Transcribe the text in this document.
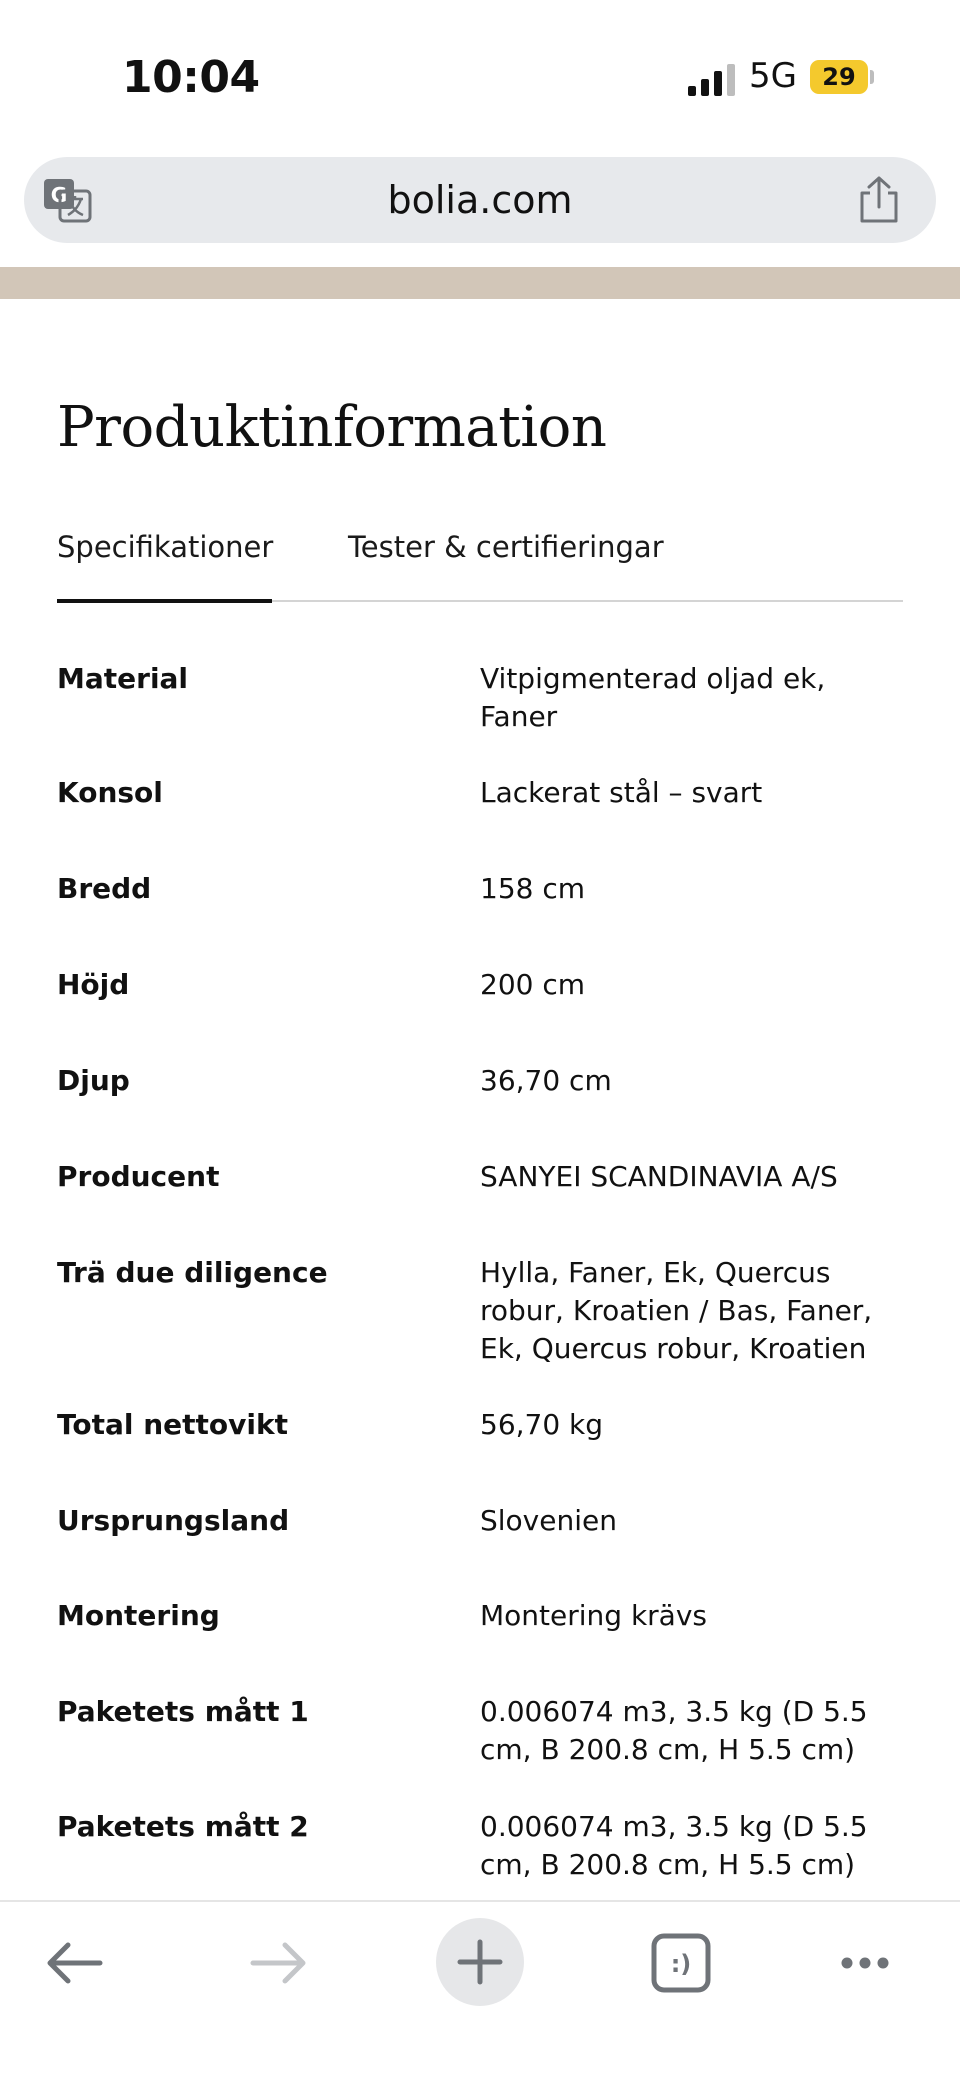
10:04	5G	29
G	bolia.com
Produktinformation
Specifikationer	Tester & certifieringar
Material	Vitpigmenterad oljad ek, Faner
Konsol	Lackerat stål – svart
Bredd	158 cm
Höjd	200 cm
Djup	36,70 cm
Producent	SANYEI SCANDINAVIA A/S
Trä due diligence	Hylla, Faner, Ek, Quercus robur, Kroatien / Bas, Faner, Ek, Quercus robur, Kroatien
Total nettovikt	56,70 kg
Ursprungsland	Slovenien
Montering	Montering krävs
Paketets mått 1	0.006074 m3, 3.5 kg (D 5.5 cm, B 200.8 cm, H 5.5 cm)
Paketets mått 2	0.006074 m3, 3.5 kg (D 5.5 cm, B 200.8 cm, H 5.5 cm)
:)
